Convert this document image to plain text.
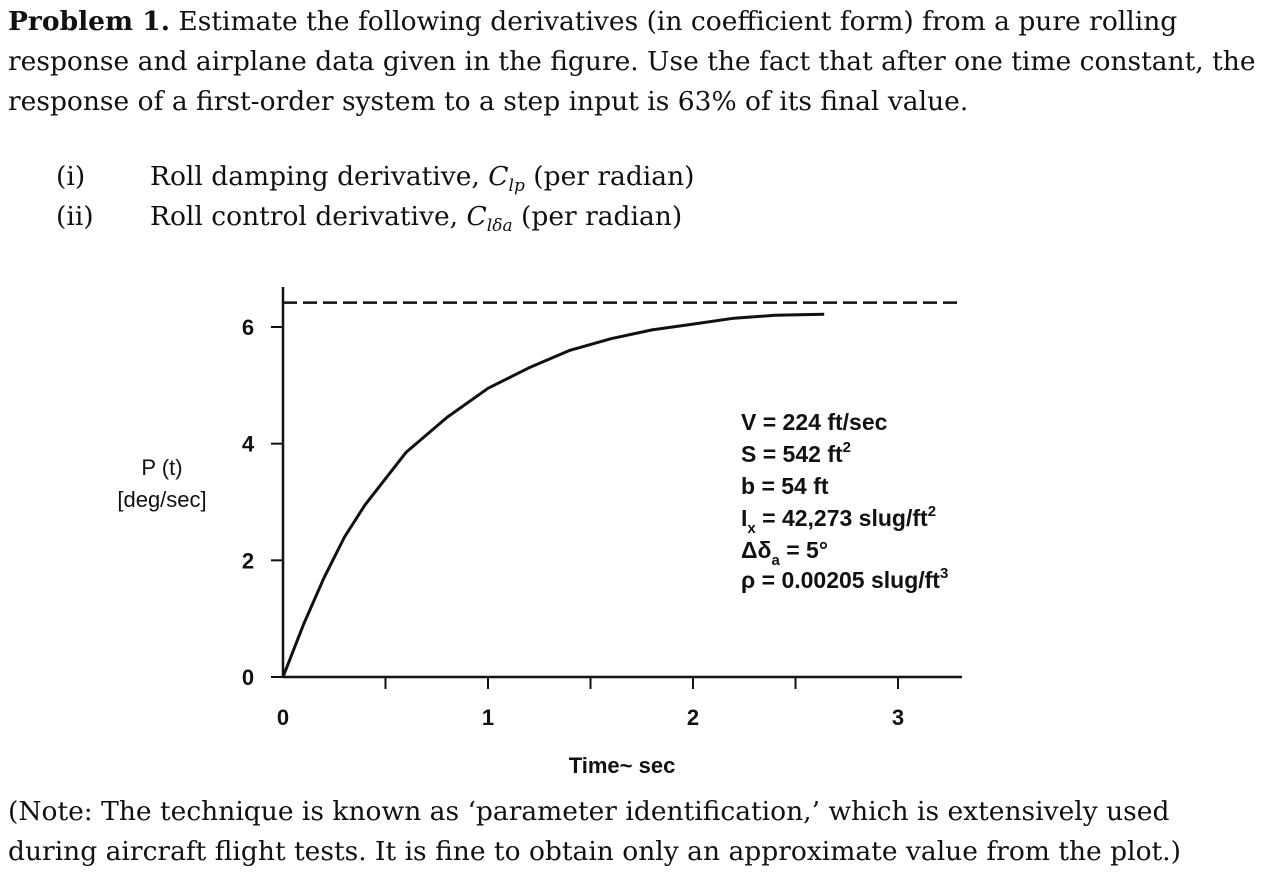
Problem 1. Estimate the following derivatives (in coefficient form) from a pure rolling response and airplane data given in the figure. Use the fact that after one time constant, the response of a first-order system to a step input is 63% of its final value.
(i) Roll damping derivative, $C_{lp}$ (per radian)
(ii) Roll control derivative, $C_{l\delta a}$ (per radian)
0
2
4
6
0	1	2	3
P (t)
[deg/sec]
Time~ sec
V = 224 ft/sec
S = 542 $ft^2$
b = 54 ft
$I_x = 42,273$ slug/$ft^2$
$\Delta\delta_a = 5^\circ$
ρ = 0.00205 slug/$ft^3$
(Note: The technique is known as ‘parameter identification,’ which is extensively used during aircraft flight tests. It is fine to obtain only an approximate value from the plot.)
